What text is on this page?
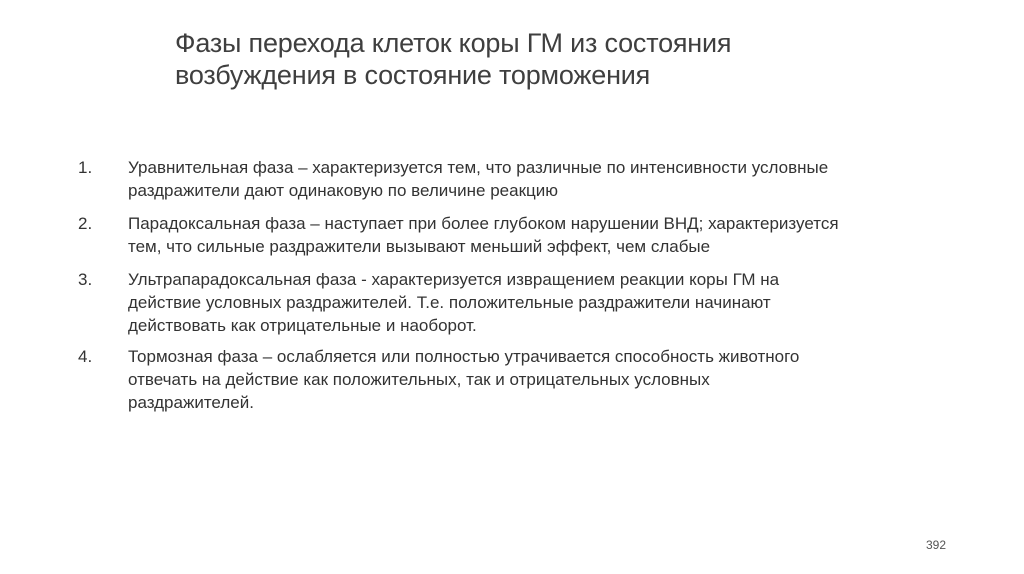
Фазы перехода клеток коры ГМ из состояния
возбуждения в состояние торможения
1. Уравнительная фаза – характеризуется тем, что различные по интенсивности условные
раздражители дают одинаковую по величине реакцию
2. Парадоксальная фаза – наступает при более глубоком нарушении ВНД; характеризуется
тем, что сильные раздражители вызывают меньший эффект, чем слабые
3. Ультрапарадоксальная фаза - характеризуется извращением реакции коры ГМ на
действие условных раздражителей. Т.е. положительные раздражители начинают
действовать как отрицательные и наоборот.
4. Тормозная фаза – ослабляется или полностью утрачивается способность животного
отвечать на действие как положительных, так и отрицательных условных
раздражителей.
392
